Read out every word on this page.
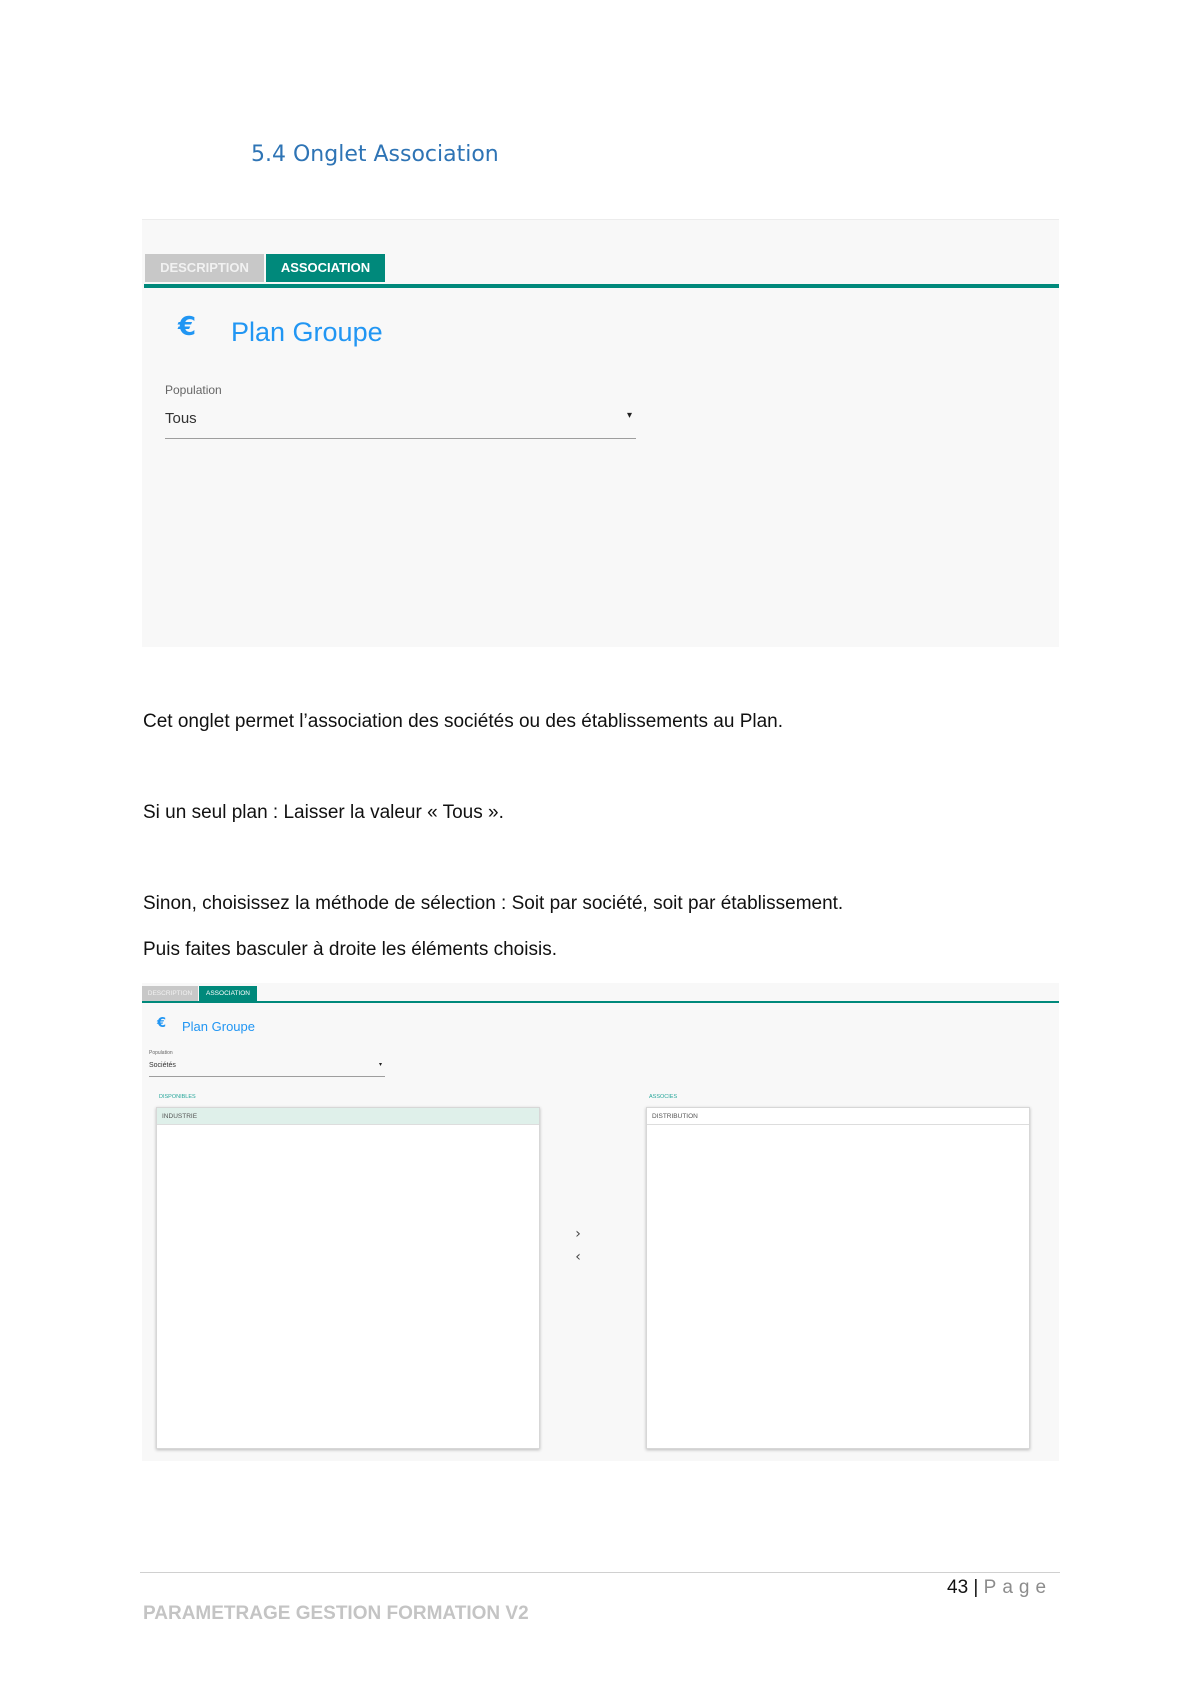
5.4 Onglet Association
DESCRIPTION	ASSOCIATION
€ Plan Groupe
Population
Tous	▾
Cet onglet permet l’association des sociétés ou des établissements au Plan.
Si un seul plan : Laisser la valeur « Tous ».
Sinon, choisissez la méthode de sélection : Soit par société, soit par établissement.
Puis faites basculer à droite les éléments choisis.
DESCRIPTION	ASSOCIATION
€ Plan Groupe
Population
Sociétés	▾
DISPONIBLES
INDUSTRIE
›
‹
ASSOCIES
DISTRIBUTION
43 | Page
PARAMETRAGE GESTION FORMATION V2
